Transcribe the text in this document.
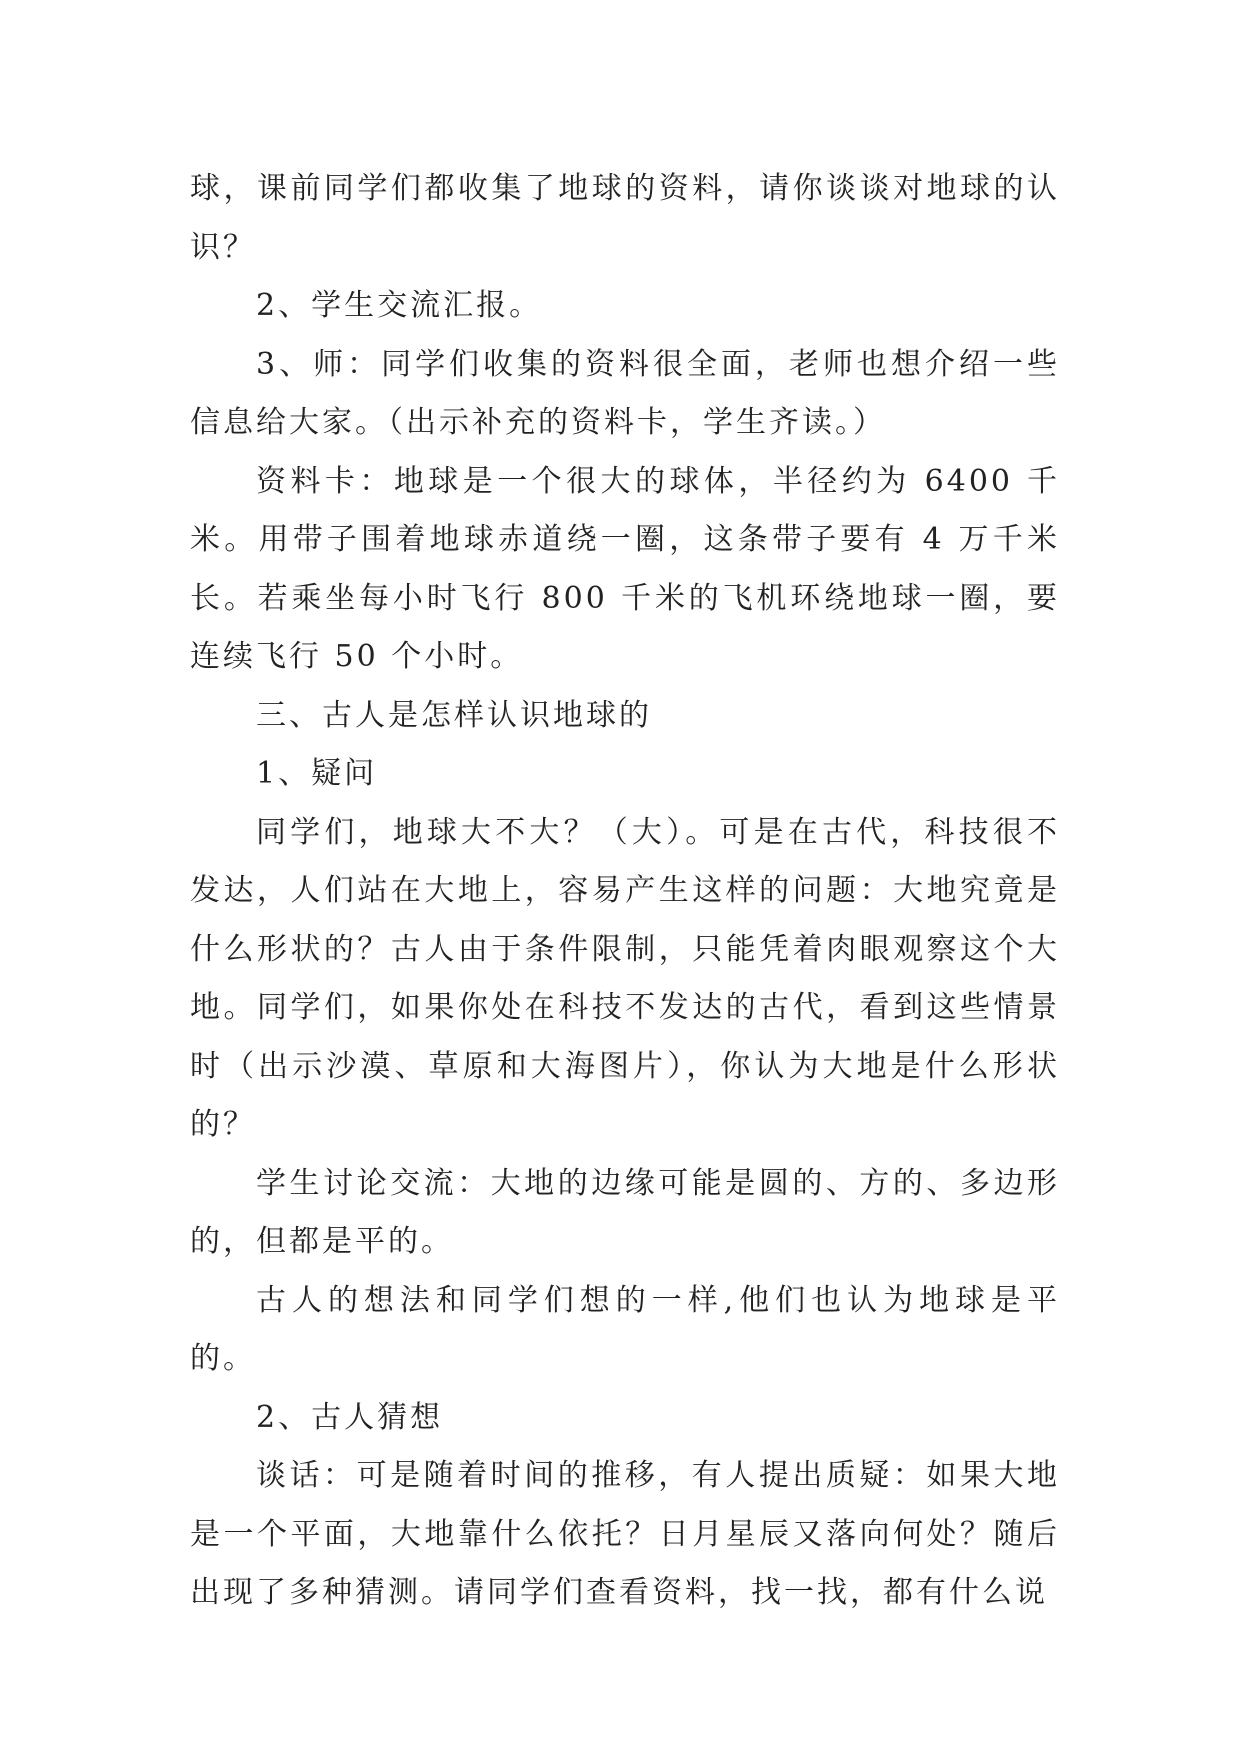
球，课前同学们都收集了地球的资料，请你谈谈对地球的认识？

2、学生交流汇报。

3、师：同学们收集的资料很全面，老师也想介绍一些信息给大家。（出示补充的资料卡，学生齐读。）

资料卡：地球是一个很大的球体，半径约为 6400 千米。用带子围着地球赤道绕一圈，这条带子要有 4 万千米长。若乘坐每小时飞行 800 千米的飞机环绕地球一圈，要连续飞行 50 个小时。

三、古人是怎样认识地球的

1、疑问

同学们，地球大不大？（大）。可是在古代，科技很不发达，人们站在大地上，容易产生这样的问题：大地究竟是什么形状的？古人由于条件限制，只能凭着肉眼观察这个大地。同学们，如果你处在科技不发达的古代，看到这些情景时（出示沙漠、草原和大海图片），你认为大地是什么形状的？

学生讨论交流：大地的边缘可能是圆的、方的、多边形的，但都是平的。

古人的想法和同学们想的一样,他们也认为地球是平的。

2、古人猜想

谈话：可是随着时间的推移，有人提出质疑：如果大地是一个平面，大地靠什么依托？日月星辰又落向何处？随后出现了多种猜测。请同学们查看资料，找一找，都有什么说
